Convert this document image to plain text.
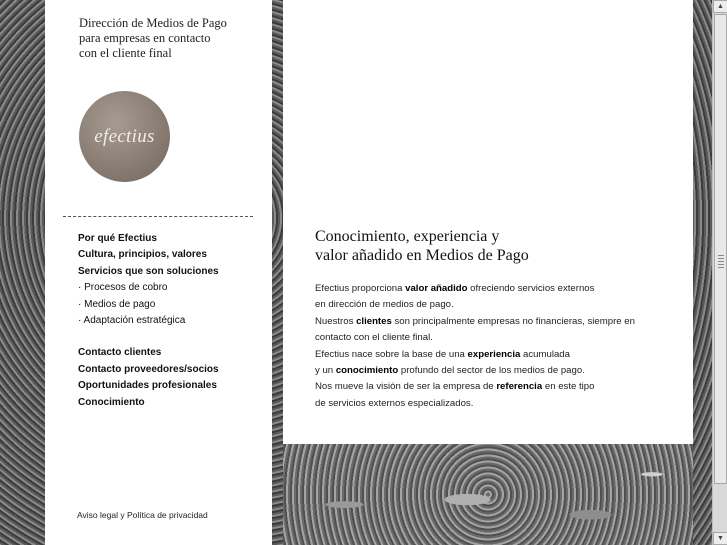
Dirección de Medios de Pago
para empresas en contacto
con el cliente final
efectius
Por qué Efectius
Cultura, principios, valores
Servicios que son soluciones
· Procesos de cobro
· Medios de pago
· Adaptación estratégica
Contacto clientes
Contacto proveedores/socios
Oportunidades profesionales
Conocimiento
Aviso legal y Política de privacidad
Conocimiento, experiencia y
valor añadido en Medios de Pago

Efectius proporciona valor añadido ofreciendo servicios externos

en dirección de medios de pago.

Nuestros clientes son principalmente empresas no financieras, siempre en

contacto con el cliente final.

Efectius nace sobre la base de una experiencia acumulada

y un conocimiento profundo del sector de los medios de pago.

Nos mueve la visión de ser la empresa de referencia en este tipo

de servicios externos especializados.

▲
▼
